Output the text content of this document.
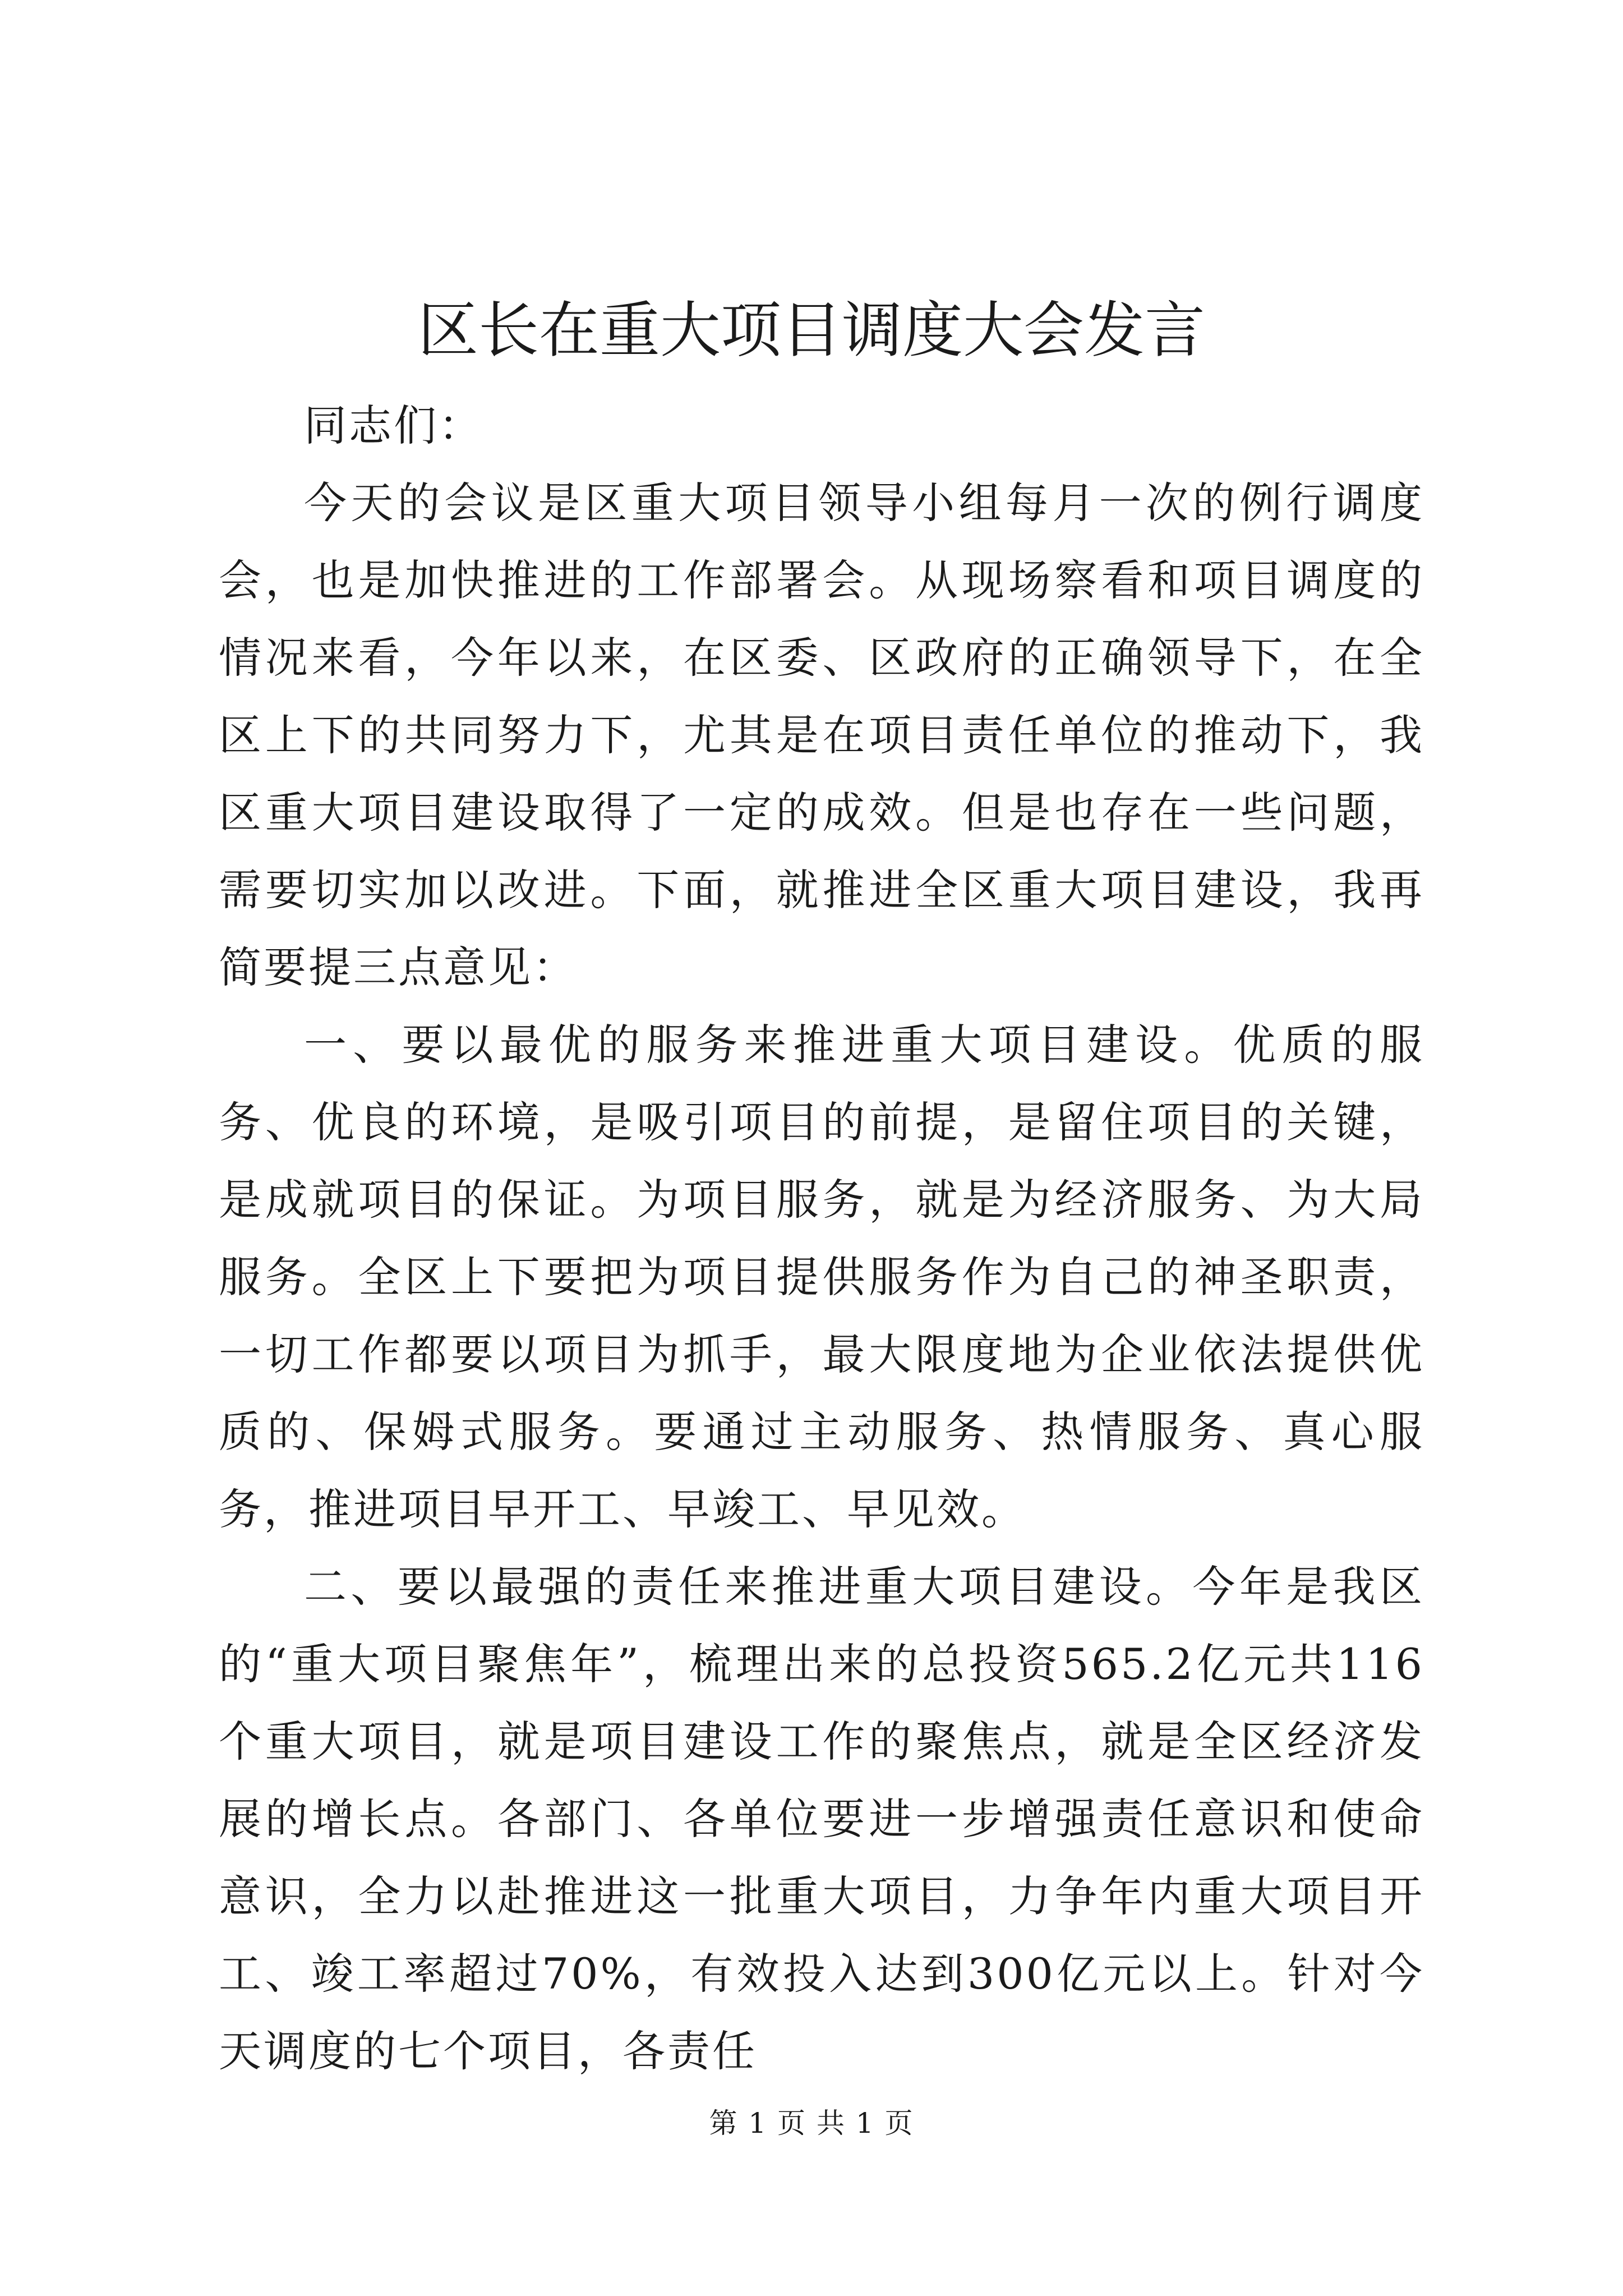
区长在重大项目调度大会发言

同志们：

今天的会议是区重大项目领导小组每月一次的例行调度会，也是加快推进的工作部署会。从现场察看和项目调度的情况来看，今年以来，在区委、区政府的正确领导下，在全区上下的共同努力下，尤其是在项目责任单位的推动下，我区重大项目建设取得了一定的成效。但是也存在一些问题，需要切实加以改进。下面，就推进全区重大项目建设，我再简要提三点意见：

一、要以最优的服务来推进重大项目建设。优质的服务、优良的环境，是吸引项目的前提，是留住项目的关键，是成就项目的保证。为项目服务，就是为经济服务、为大局服务。全区上下要把为项目提供服务作为自己的神圣职责，一切工作都要以项目为抓手，最大限度地为企业依法提供优质的、保姆式服务。要通过主动服务、热情服务、真心服务，推进项目早开工、早竣工、早见效。

二、要以最强的责任来推进重大项目建设。今年是我区的“重大项目聚焦年”，梳理出来的总投资565.2亿元共116个重大项目，就是项目建设工作的聚焦点，就是全区经济发展的增长点。各部门、各单位要进一步增强责任意识和使命意识，全力以赴推进这一批重大项目，力争年内重大项目开工、竣工率超过70%，有效投入达到300亿元以上。针对今天调度的七个项目，各责任

第 1 页 共 1 页
